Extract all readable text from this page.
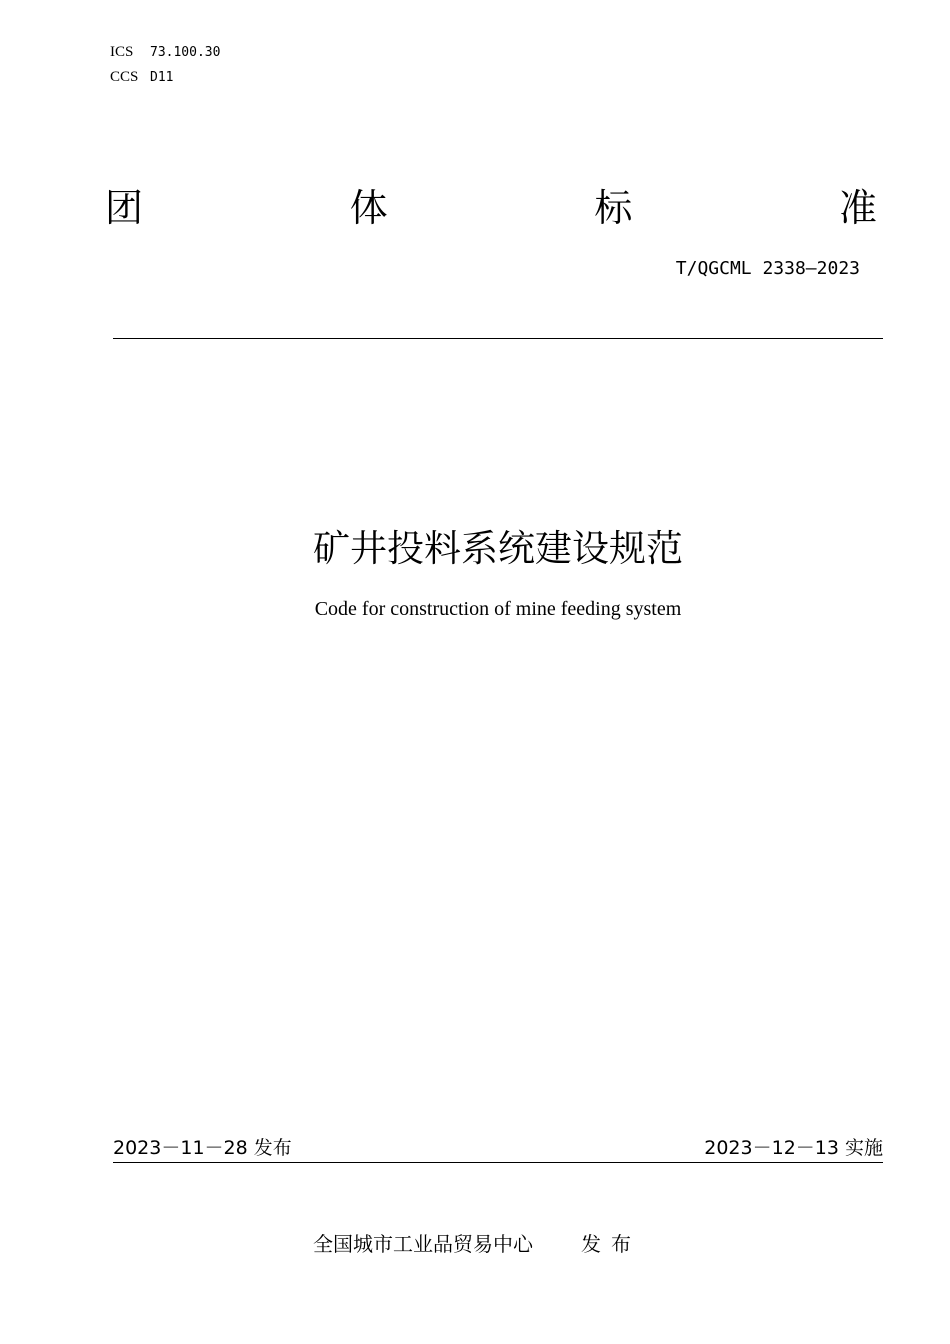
ICS	73.100.30
CCS D11
团	体	标	准
T/QGCML 2338—2023
矿井投料系统建设规范
Code for construction of mine feeding system
2023－11－28 发布	2023－12－13 实施
全国城市工业品贸易中心 发布
